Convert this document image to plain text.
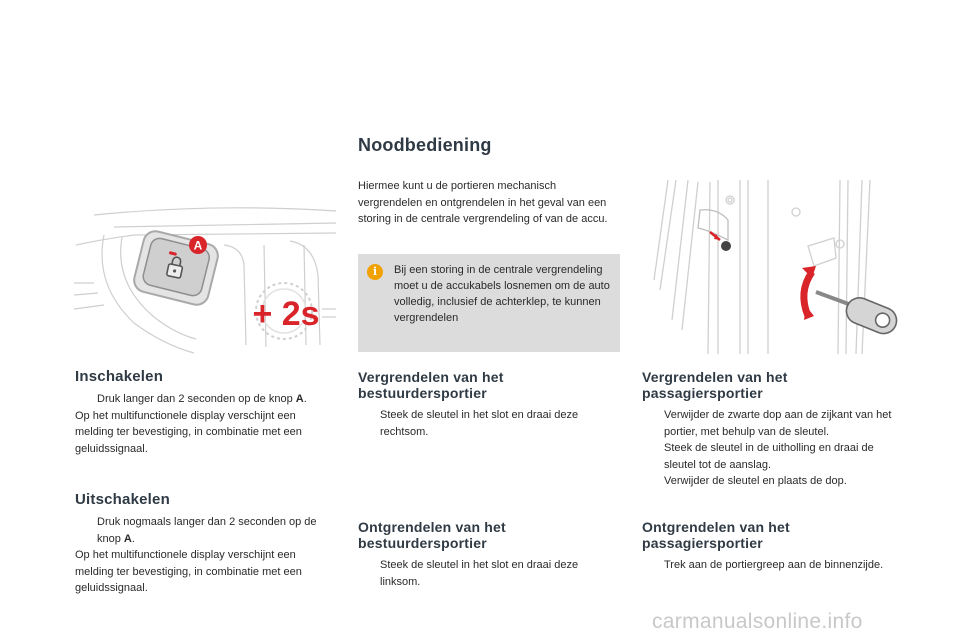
A
+ 2s
Noodbediening
Hiermee kunt u de portieren mechanisch vergrendelen en ontgrendelen in het geval van een storing in de centrale vergrendeling of van de accu.
i	Bij een storing in de centrale vergrendeling moet u de accukabels losnemen om de auto volledig, inclusief de achterklep, te kunnen vergrendelen
Inschakelen
Druk langer dan 2 seconden op de knop A.
Op het multifunctionele display verschijnt een melding ter bevestiging, in combinatie met een geluidssignaal.
Uitschakelen
Druk nogmaals langer dan 2 seconden op de knop A.
Op het multifunctionele display verschijnt een melding ter bevestiging, in combinatie met een geluidssignaal.
Vergrendelen van het bestuurdersportier
Steek de sleutel in het slot en draai deze rechtsom.
Ontgrendelen van het bestuurdersportier
Steek de sleutel in het slot en draai deze linksom.
Vergrendelen van het passagiersportier
Verwijder de zwarte dop aan de zijkant van het portier, met behulp van de sleutel.
Steek de sleutel in de uitholling en draai de sleutel tot de aanslag.
Verwijder de sleutel en plaats de dop.
Ontgrendelen van het passagiersportier
Trek aan de portiergreep aan de binnenzijde.
carmanualsonline.info
